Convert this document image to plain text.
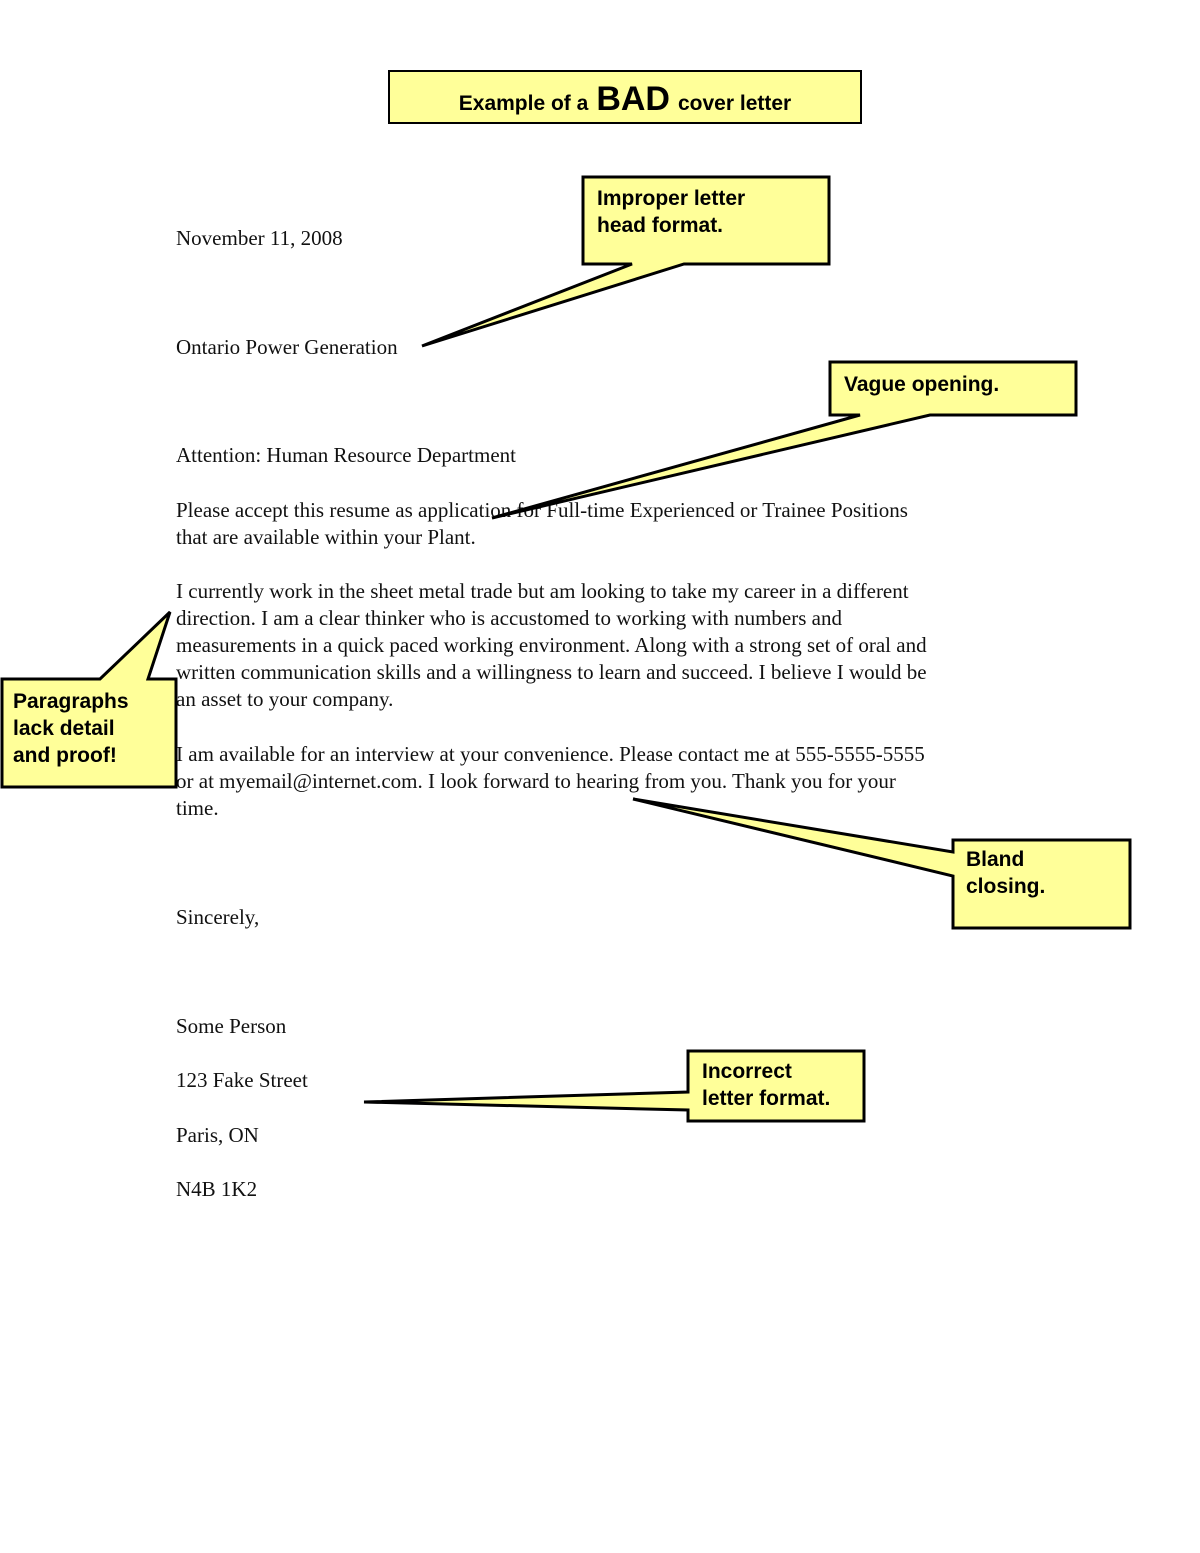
Example of a BAD cover letter
November 11, 2008
Ontario Power Generation
Attention: Human Resource Department
Please accept this resume as application for Full-time Experienced or Trainee Positions
that are available within your Plant.
I currently work in the sheet metal trade but am looking to take my career in a different
direction. I am a clear thinker who is accustomed to working with numbers and
measurements in a quick paced working environment. Along with a strong set of oral and
written communication skills and a willingness to learn and succeed. I believe I would be
an asset to your company.
I am available for an interview at your convenience. Please contact me at 555-5555-5555
or at myemail@internet.com. I look forward to hearing from you. Thank you for your
time.
Sincerely,
Some Person
123 Fake Street
Paris, ON
N4B 1K2
Improper letter
head format.
Vague opening.
Paragraphs
lack detail
and proof!
Bland
closing.
Incorrect
letter format.
